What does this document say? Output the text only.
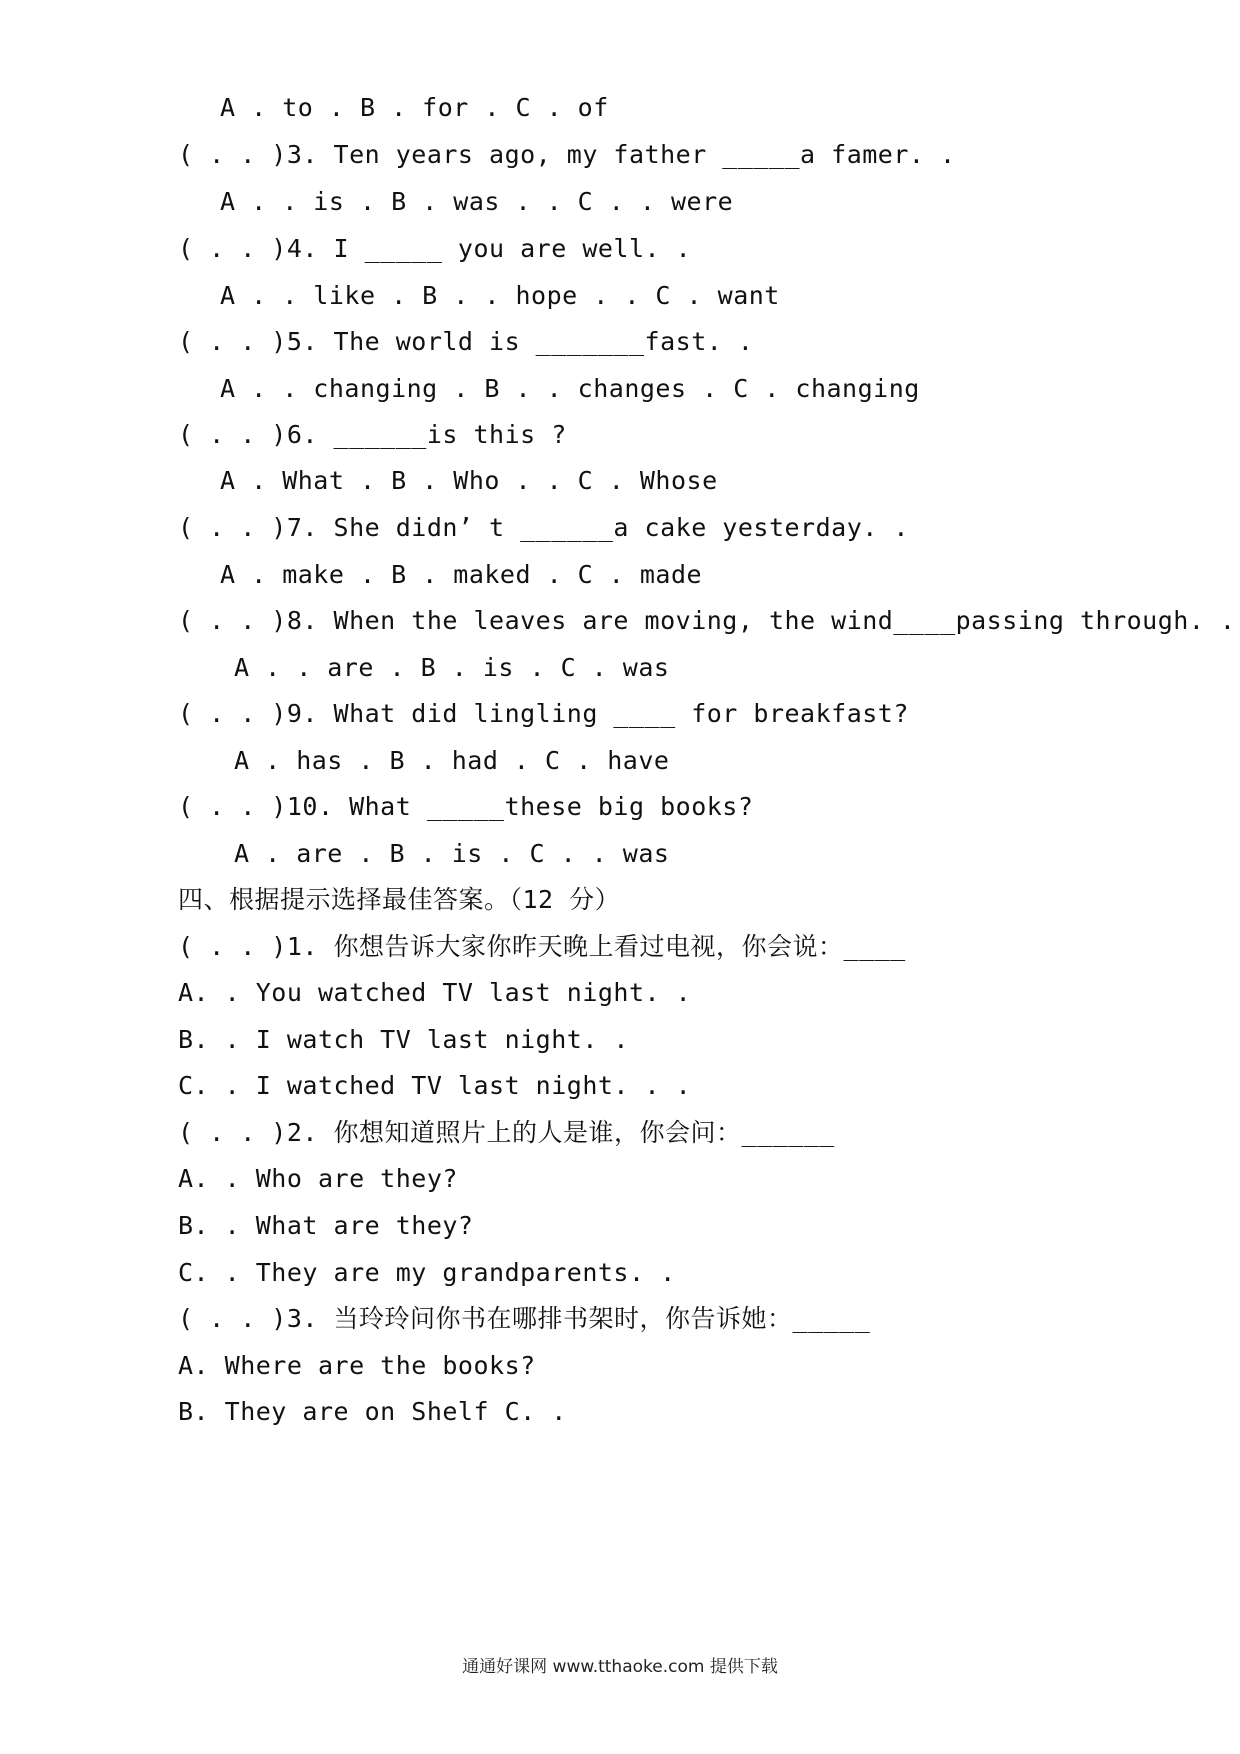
A . to . B . for . C . of
( . . )3. Ten years ago, my father _____a famer. .
A . . is . B . was . . C . . were
( . . )4. I _____ you are well. .
A . . like . B . . hope . . C . want
( . . )5. The world is _______fast. .
A . . changing . B . . changes . C . changing
( . . )6. ______is this ?
A . What . B . Who . . C . Whose
( . . )7. She didn’ t ______a cake yesterday. .
A . make . B . maked . C . made
( . . )8. When the leaves are moving, the wind____passing through. .
A . . are . B . is . C . was
( . . )9. What did lingling ____ for breakfast?
A . has . B . had . C . have
( . . )10. What _____these big books?
A . are . B . is . C . . was
四、根据提示选择最佳答案。（12 分）
( . . )1. 你想告诉大家你昨天晚上看过电视，你会说：____
A. . You watched TV last night. .
B. . I watch TV last night. .
C. . I watched TV last night. . .
( . . )2. 你想知道照片上的人是谁，你会问：______
A. . Who are they?
B. . What are they?
C. . They are my grandparents. .
( . . )3. 当玲玲问你书在哪排书架时，你告诉她：_____
A. Where are the books?
B. They are on Shelf C. .
通通好课网 www.tthaoke.com 提供下载
